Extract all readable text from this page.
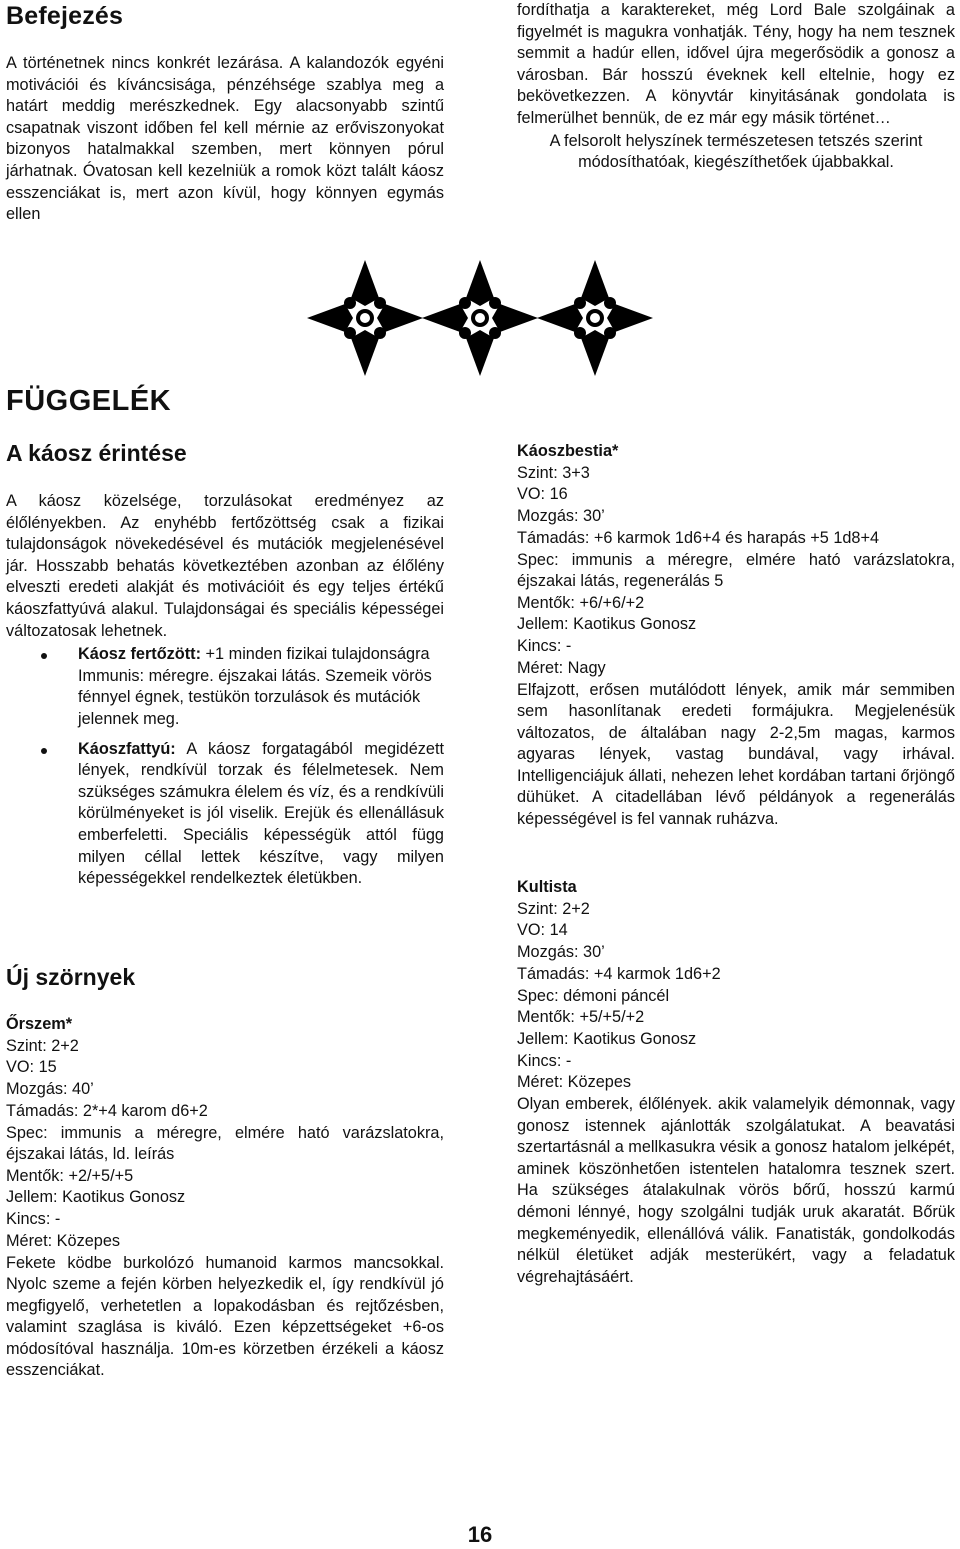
Befejezés

A történetnek nincs konkrét lezárása. A kalandozók egyéni motivációi és kíváncsisága, pénzéhsége szablya meg a határt meddig merészkednek. Egy alacsonyabb szintű csapatnak viszont időben fel kell mérnie az erőviszonyokat bizonyos hatalmakkal szemben, mert könnyen pórul járhatnak. Óvatosan kell kezelniük a romok közt talált káosz esszenciákat is, mert azon kívül, hogy könnyen egymás ellen

fordíthatja a karaktereket, még Lord Bale szolgáinak a figyelmét is magukra vonhatják. Tény, hogy ha nem tesznek semmit a hadúr ellen, idővel újra megerősödik a gonosz a városban. Bár hosszú éveknek kell eltelnie, hogy ez bekövetkezzen. A könyvtár kinyitásának gondolata is felmerülhet bennük, de ez már egy másik történet…

A felsorolt helyszínek természetesen tetszés szerint módosíthatóak, kiegészíthetőek újabbakkal.

FÜGGELÉK
A káosz érintése

A káosz közelsége, torzulásokat eredményez az élőlényekben. Az enyhébb fertőzöttség csak a fizikai tulajdonságok növekedésével és mutációk megjelenésével jár. Hosszabb behatás következtében azonban az élőlény elveszti eredeti alakját és motivációit és egy teljes értékű káoszfattyúvá alakul. Tulajdonságai és speciális képességei változatosak lehetnek.

Káosz fertőzött: +1 minden fizikai tulajdonságra Immunis: méregre. éjszakai látás. Szemeik vörös fénnyel égnek, testükön torzulások és mutációk jelennek meg.
Káoszfattyú: A káosz forgatagából megidézett lények, rendkívül torzak és félelmetesek. Nem szükséges számukra élelem és víz, és a rendkívüli körülményeket is jól viselik. Erejük és ellenállásuk emberfeletti. Speciális képességük attól függ milyen céllal lettek készítve, vagy milyen képességekkel rendelkeztek életükben.
Új szörnyek
Őrszem*
Szint: 2+2
VO: 15
Mozgás: 40’
Támadás: 2*+4 karom d6+2

Spec: immunis a méregre, elmére ható varázslatokra, éjszakai látás, ld. leírás

Mentők: +2/+5/+5
Jellem: Kaotikus Gonosz
Kincs: -
Méret: Közepes

Fekete ködbe burkolózó humanoid karmos mancsokkal. Nyolc szeme a fején körben helyezkedik el, így rendkívül jó megfigyelő, verhetetlen a lopakodásban és rejtőzésben, valamint szaglása is kiváló. Ezen képzettségeket +6-os módosítóval használja. 10m-es körzetben érzékeli a káosz esszenciákat.

Káoszbestia*
Szint: 3+3
VO: 16
Mozgás: 30’
Támadás: +6 karmok 1d6+4 és harapás +5 1d8+4

Spec: immunis a méregre, elmére ható varázslatokra, éjszakai látás, regenerálás 5

Mentők: +6/+6/+2
Jellem: Kaotikus Gonosz
Kincs: -
Méret: Nagy

Elfajzott, erősen mutálódott lények, amik már semmiben sem hasonlítanak eredeti formájukra. Megjelenésük változatos, de általában nagy 2-2,5m magas, karmos agyaras lények, vastag bundával, vagy irhával. Intelligenciájuk állati, nehezen lehet kordában tartani őrjöngő dühüket. A citadellában lévő példányok a regenerálás képességével is fel vannak ruházva.

Kultista
Szint: 2+2
VO: 14
Mozgás: 30’
Támadás: +4 karmok 1d6+2
Spec: démoni páncél
Mentők: +5/+5/+2
Jellem: Kaotikus Gonosz
Kincs: -
Méret: Közepes

Olyan emberek, élőlények. akik valamelyik démonnak, vagy gonosz istennek ajánlották szolgálatukat. A beavatási szertartásnál a mellkasukra vésik a gonosz hatalom jelképét, aminek köszönhetően istentelen hatalomra tesznek szert. Ha szükséges átalakulnak vörös bőrű, hosszú karmú démoni lénnyé, hogy szolgálni tudják uruk akaratát. Bőrük megkeményedik, ellenállóvá válik. Fanatisták, gondolkodás nélkül életüket adják mesterükért, vagy a feladatuk végrehajtásáért.

16
